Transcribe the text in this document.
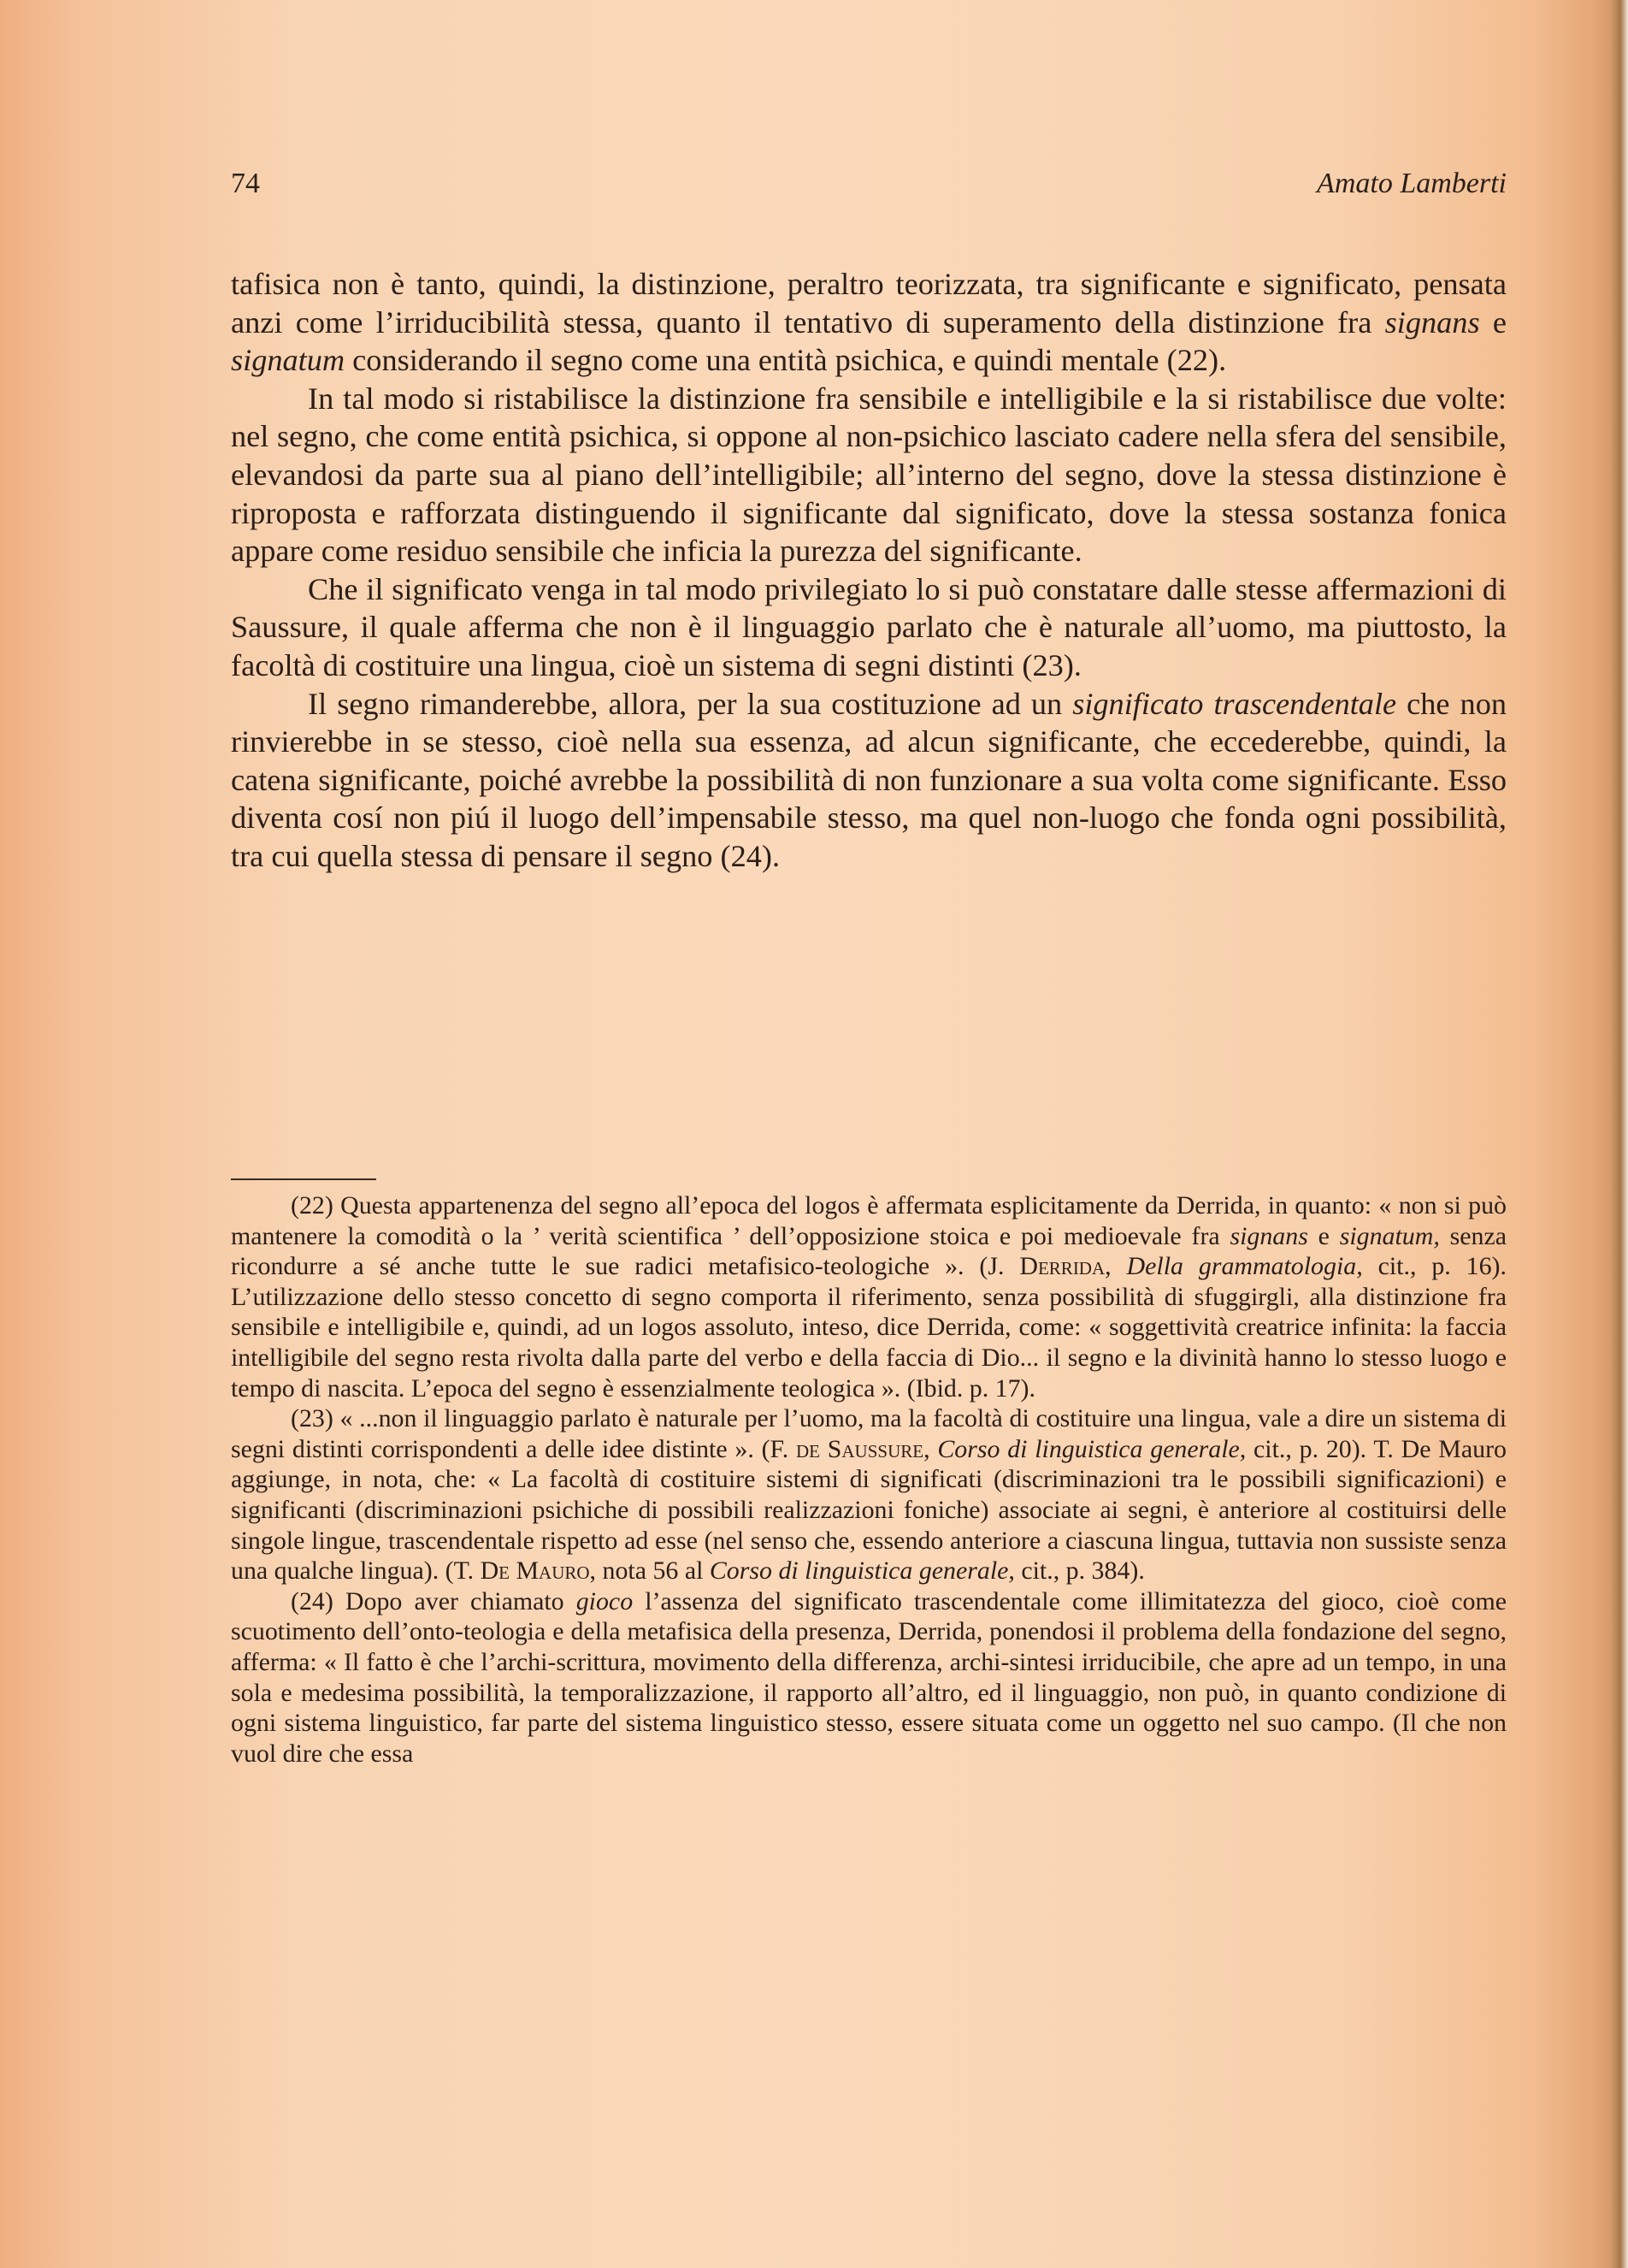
74	Amato Lamberti

tafisica non è tanto, quindi, la distinzione, peraltro teorizzata, tra significante e significato, pensata anzi come l’irriducibilità stessa, quanto il tentativo di superamento della distinzione fra signans e signatum considerando il segno come una entità psichica, e quindi mentale (22).

In tal modo si ristabilisce la distinzione fra sensibile e intelligibile e la si ristabilisce due volte: nel segno, che come entità psichica, si oppone al non-psichico lasciato cadere nella sfera del sensibile, elevandosi da parte sua al piano dell’intelligibile; all’interno del segno, dove la stessa distinzione è riproposta e rafforzata distinguendo il significante dal significato, dove la stessa sostanza fonica appare come residuo sensibile che inficia la purezza del significante.

Che il significato venga in tal modo privilegiato lo si può constatare dalle stesse affermazioni di Saussure, il quale afferma che non è il linguaggio parlato che è naturale all’uomo, ma piuttosto, la facoltà di costituire una lingua, cioè un sistema di segni distinti (23).

Il segno rimanderebbe, allora, per la sua costituzione ad un significato trascendentale che non rinvierebbe in se stesso, cioè nella sua essenza, ad alcun significante, che eccederebbe, quindi, la catena significante, poiché avrebbe la possibilità di non funzionare a sua volta come significante. Esso diventa cosí non piú il luogo dell’impensabile stesso, ma quel non-luogo che fonda ogni possibilità, tra cui quella stessa di pensare il segno (24).

(22) Questa appartenenza del segno all’epoca del logos è affermata esplicitamente da Derrida, in quanto: « non si può mantenere la comodità o la ’ verità scientifica ’ dell’opposizione stoica e poi medioevale fra signans e signatum, senza ricondurre a sé anche tutte le sue radici metafisico-teologiche ». (J. Derrida, Della grammatologia, cit., p. 16). L’utilizzazione dello stesso concetto di segno comporta il riferimento, senza possibilità di sfuggirgli, alla distinzione fra sensibile e intelligibile e, quindi, ad un logos assoluto, inteso, dice Derrida, come: « soggettività creatrice infinita: la faccia intelligibile del segno resta rivolta dalla parte del verbo e della faccia di Dio... il segno e la divinità hanno lo stesso luogo e tempo di nascita. L’epoca del segno è essenzialmente teologica ». (Ibid. p. 17).

(23) « ...non il linguaggio parlato è naturale per l’uomo, ma la facoltà di costituire una lingua, vale a dire un sistema di segni distinti corrispondenti a delle idee distinte ». (F. de Saussure, Corso di linguistica generale, cit., p. 20). T. De Mauro aggiunge, in nota, che: « La facoltà di costituire sistemi di significati (discriminazioni tra le possibili significazioni) e significanti (discriminazioni psichiche di possibili realizzazioni foniche) associate ai segni, è anteriore al costituirsi delle singole lingue, trascendentale rispetto ad esse (nel senso che, essendo anteriore a ciascuna lingua, tuttavia non sussiste senza una qualche lingua). (T. De Mauro, nota 56 al Corso di linguistica generale, cit., p. 384).

(24) Dopo aver chiamato gioco l’assenza del significato trascendentale come illimitatezza del gioco, cioè come scuotimento dell’onto-teologia e della metafisica della presenza, Derrida, ponendosi il problema della fondazione del segno, afferma: « Il fatto è che l’archi-scrittura, movimento della differenza, archi-sintesi irriducibile, che apre ad un tempo, in una sola e medesima possibilità, la temporalizzazione, il rapporto all’altro, ed il linguaggio, non può, in quanto condizione di ogni sistema linguistico, far parte del sistema linguistico stesso, essere situata come un oggetto nel suo campo. (Il che non vuol dire che essa
